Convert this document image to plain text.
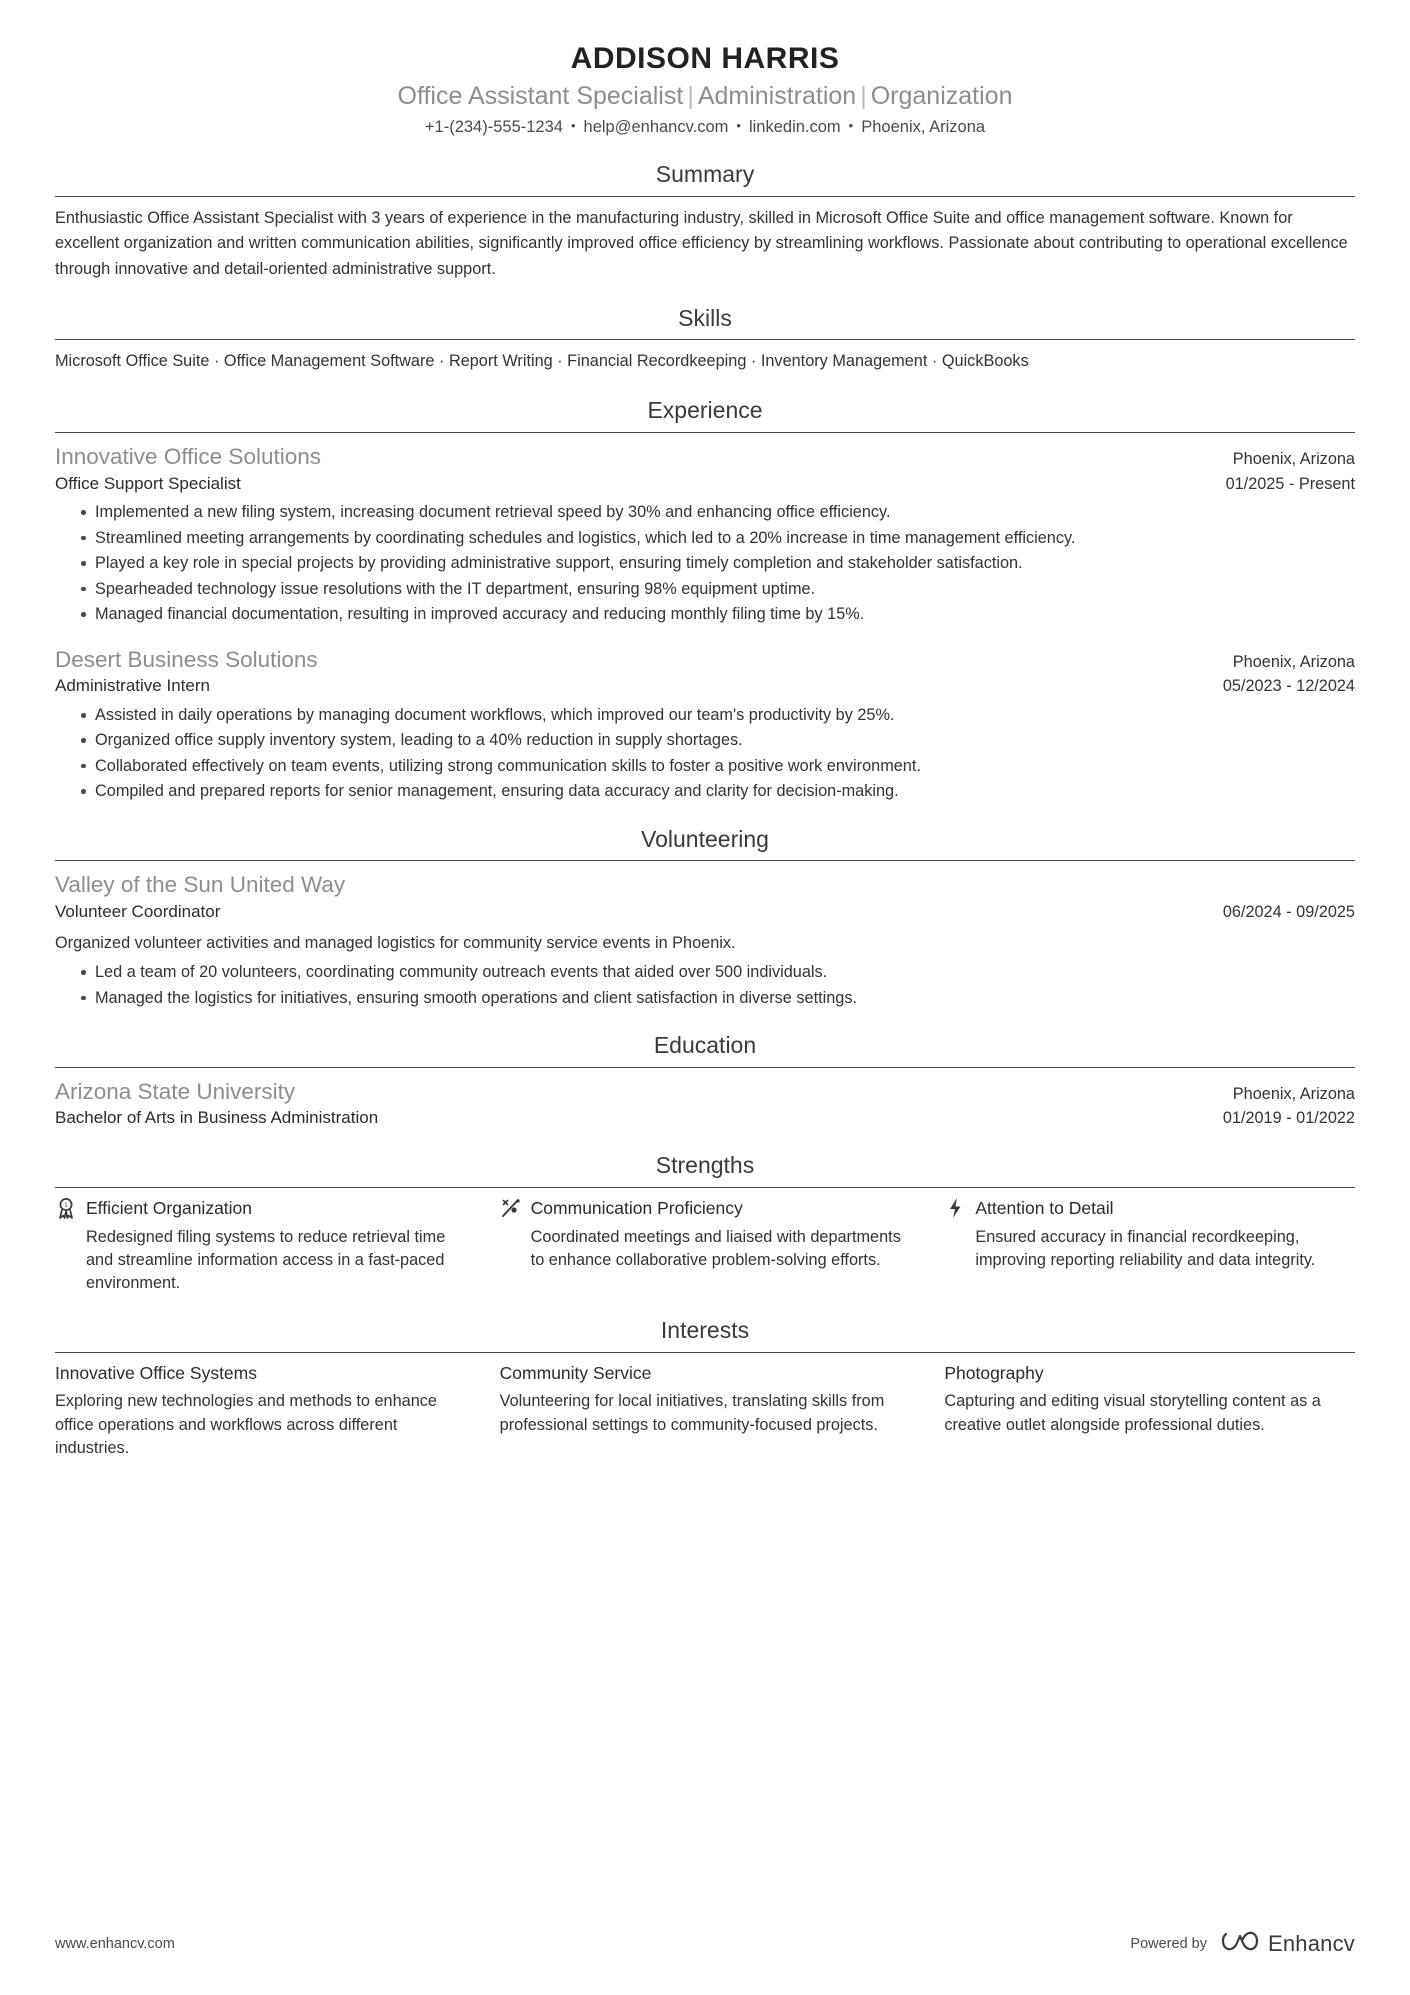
ADDISON HARRIS
Office Assistant Specialist | Administration | Organization
+1-(234)-555-1234 • help@enhancv.com • linkedin.com • Phoenix, Arizona
Summary
Enthusiastic Office Assistant Specialist with 3 years of experience in the manufacturing industry, skilled in Microsoft Office Suite and office management software. Known for excellent organization and written communication abilities, significantly improved office efficiency by streamlining workflows. Passionate about contributing to operational excellence through innovative and detail-oriented administrative support.
Skills
Microsoft Office Suite · Office Management Software · Report Writing · Financial Recordkeeping · Inventory Management · QuickBooks
Experience
Innovative Office Solutions	Phoenix, Arizona
Office Support Specialist	01/2025 - Present
Implemented a new filing system, increasing document retrieval speed by 30% and enhancing office efficiency.
Streamlined meeting arrangements by coordinating schedules and logistics, which led to a 20% increase in time management efficiency.
Played a key role in special projects by providing administrative support, ensuring timely completion and stakeholder satisfaction.
Spearheaded technology issue resolutions with the IT department, ensuring 98% equipment uptime.
Managed financial documentation, resulting in improved accuracy and reducing monthly filing time by 15%.
Desert Business Solutions	Phoenix, Arizona
Administrative Intern	05/2023 - 12/2024
Assisted in daily operations by managing document workflows, which improved our team's productivity by 25%.
Organized office supply inventory system, leading to a 40% reduction in supply shortages.
Collaborated effectively on team events, utilizing strong communication skills to foster a positive work environment.
Compiled and prepared reports for senior management, ensuring data accuracy and clarity for decision-making.
Volunteering
Valley of the Sun United Way
Volunteer Coordinator	06/2024 - 09/2025
Organized volunteer activities and managed logistics for community service events in Phoenix.
Led a team of 20 volunteers, coordinating community outreach events that aided over 500 individuals.
Managed the logistics for initiatives, ensuring smooth operations and client satisfaction in diverse settings.
Education
Arizona State University	Phoenix, Arizona
Bachelor of Arts in Business Administration	01/2019 - 01/2022
Strengths
1 Efficient Organization
Redesigned filing systems to reduce retrieval time and streamline information access in a fast-paced environment.
Communication Proficiency
Coordinated meetings and liaised with departments to enhance collaborative problem-solving efforts.
Attention to Detail
Ensured accuracy in financial recordkeeping, improving reporting reliability and data integrity.
Interests
Innovative Office Systems
Exploring new technologies and methods to enhance office operations and workflows across different industries.
Community Service
Volunteering for local initiatives, translating skills from professional settings to community-focused projects.
Photography
Capturing and editing visual storytelling content as a creative outlet alongside professional duties.
www.enhancv.com	Powered by	Enhancv
